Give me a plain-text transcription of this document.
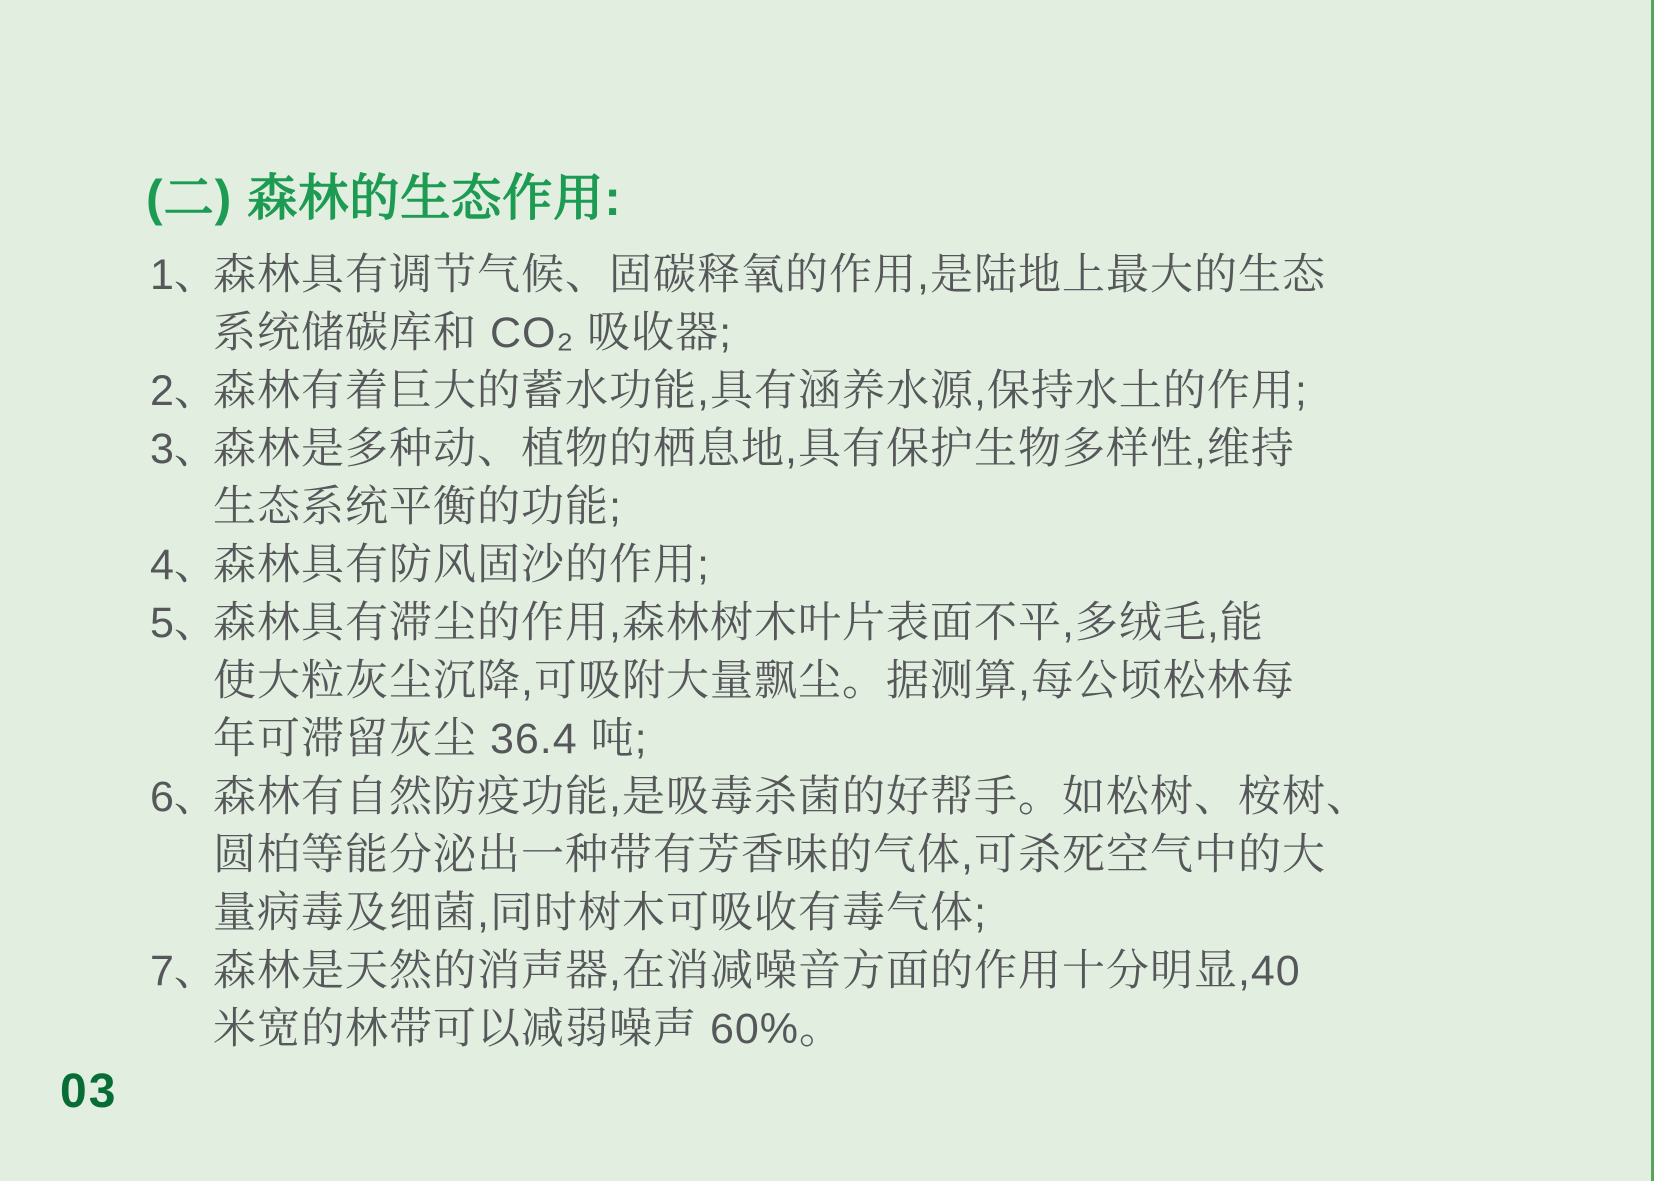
(二) 森林的生态作用:
1、
森林具有调节气候、固碳释氧的作用,是陆地上最大的生态
系统储碳库和 CO₂ 吸收器;
2、
森林有着巨大的蓄水功能,具有涵养水源,保持水土的作用;
3、
森林是多种动、植物的栖息地,具有保护生物多样性,维持
生态系统平衡的功能;
4、
森林具有防风固沙的作用;
5、
森林具有滞尘的作用,森林树木叶片表面不平,多绒毛,能
使大粒灰尘沉降,可吸附大量飘尘。据测算,每公顷松林每
年可滞留灰尘 36.4 吨;
6、
森林有自然防疫功能,是吸毒杀菌的好帮手。如松树、桉树、
圆柏等能分泌出一种带有芳香味的气体,可杀死空气中的大
量病毒及细菌,同时树木可吸收有毒气体;
7、
森林是天然的消声器,在消减噪音方面的作用十分明显,40
米宽的林带可以减弱噪声 60%。
03
